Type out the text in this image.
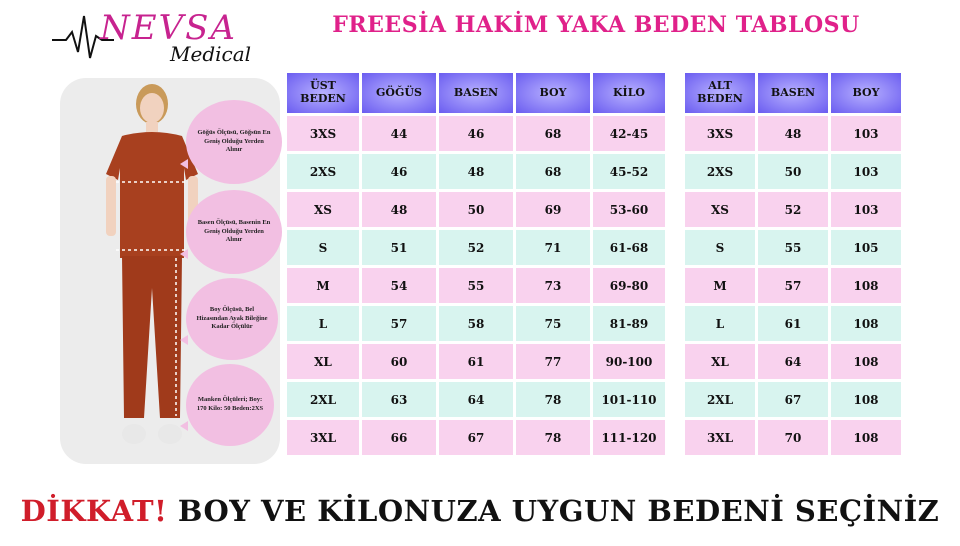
NEVSA
Medical
FREESİA HAKİM YAKA BEDEN TABLOSU
Göğüs Ölçüsü, Göğsün En Geniş Olduğu Yerden Alınır
Basen Ölçüsü, Basenin En Geniş Olduğu Yerden Alınır
Boy Ölçüsü, Bel Hizasından Ayak Bileğine Kadar Ölçülür
Manken Ölçüleri; Boy: 170 Kilo: 50 Beden:2XS
ÜST BEDEN	GÖĞÜS	BASEN	BOY	KİLO
3XS	44	46	68	42-45
2XS	46	48	68	45-52
XS	48	50	69	53-60
S	51	52	71	61-68
M	54	55	73	69-80
L	57	58	75	81-89
XL	60	61	77	90-100
2XL	63	64	78	101-110
3XL	66	67	78	111-120
ALT BEDEN	BASEN	BOY
3XS	48	103
2XS	50	103
XS	52	103
S	55	105
M	57	108
L	61	108
XL	64	108
2XL	67	108
3XL	70	108
DİKKAT! BOY VE KİLONUZA UYGUN BEDENİ SEÇİNİZ
